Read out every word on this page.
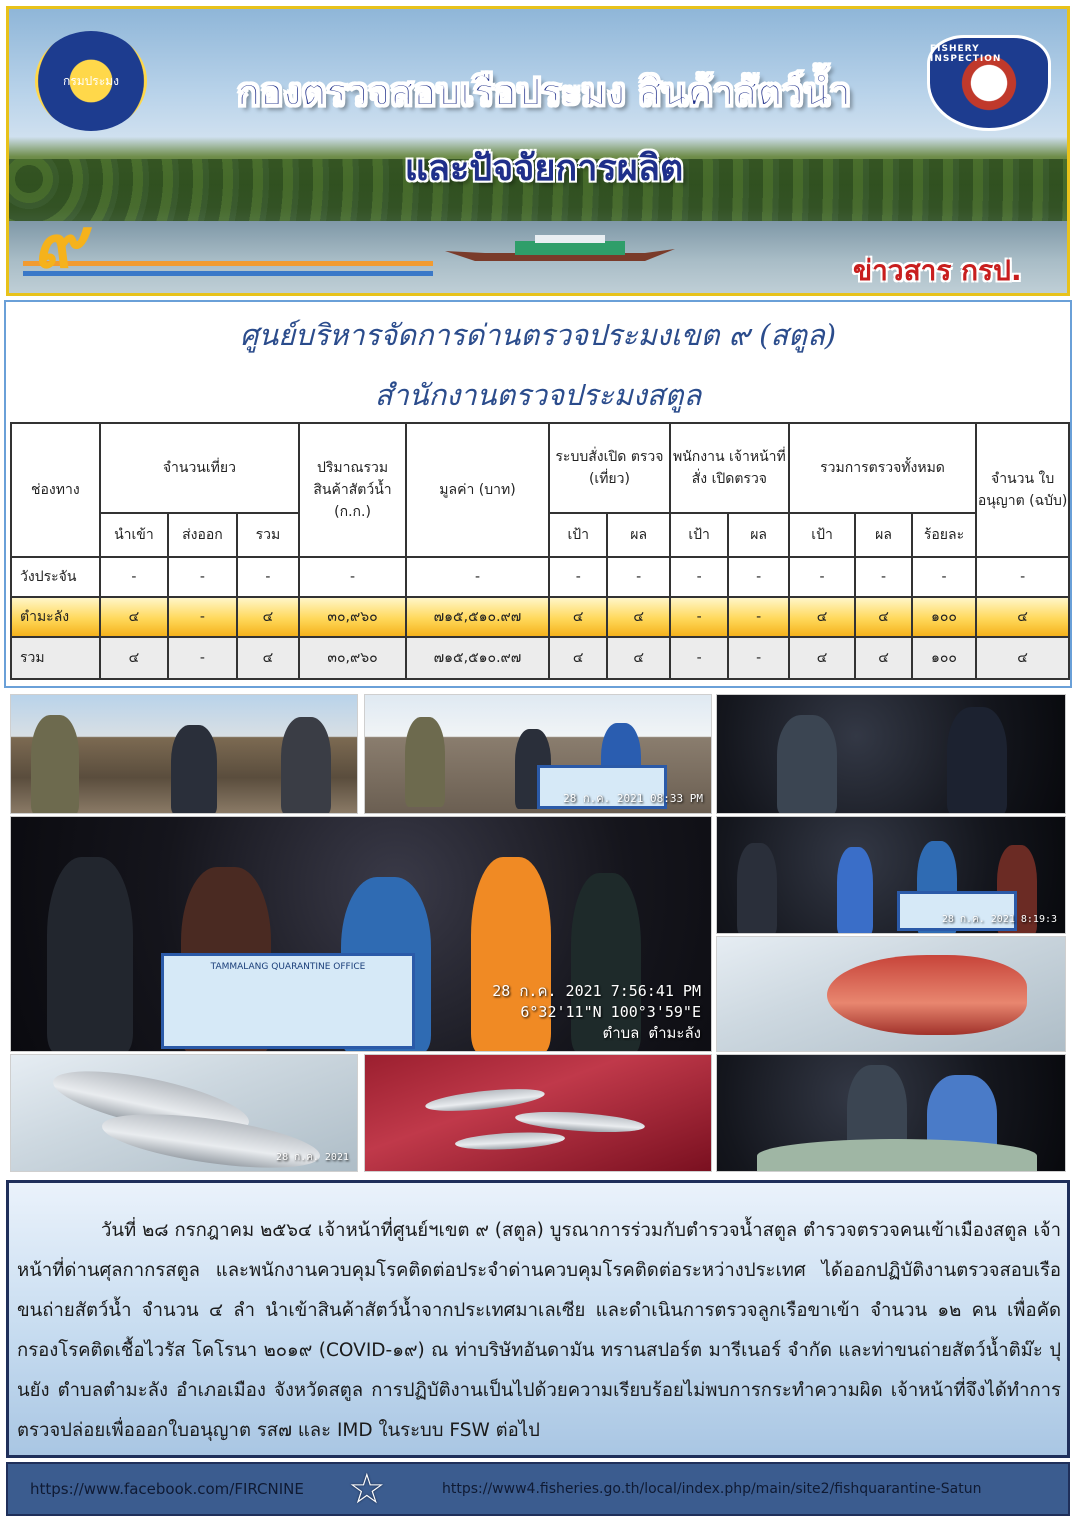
กรมประมง
FISHERY INSPECTION
กองตรวจสอบเรือประมง สินค้าสัตว์น้ำ
และปัจจัยการผลิต
๙	ข่าวสาร กรป.
ศูนย์บริหารจัดการด่านตรวจประมงเขต ๙ (สตูล)
สำนักงานตรวจประมงสตูล
ช่องทาง	จำนวนเที่ยว			ปริมาณรวม สินค้าสัตว์น้ำ (ก.ก.)	มูลค่า (บาท)	ระบบสั่งเปิด ตรวจ (เที่ยว)		พนักงาน เจ้าหน้าที่สั่ง เปิดตรวจ		รวมการตรวจทั้งหมด			จำนวน ใบอนุญาต (ฉบับ)
	นำเข้า	ส่งออก	รวม			เป้า	ผล	เป้า	ผล	เป้า	ผล	ร้อยละ	
วังประจัน	-	-	-	-	-	-	-	-	-	-	-	-	-
ตำมะลัง	๔	-	๔	๓๐,๙๖๐	๗๑๕,๕๑๐.๙๗	๔	๔	-	-	๔	๔	๑๐๐	๔
รวม	๔	-	๔	๓๐,๙๖๐	๗๑๕,๕๑๐.๙๗	๔	๔	-	-	๔	๔	๑๐๐	๔
28 ก.ค. 2021 08:33 PM
TAMMALANG QUARANTINE OFFICE
28 ก.ค. 2021 7:56:41 PM
6°32'11"N 100°3'59"E
ตำบล ตำมะลัง
28 ก.ค. 2021 8:19:3
28 ก.ค. 2021

วันที่ ๒๘ กรกฎาคม ๒๕๖๔ เจ้าหน้าที่ศูนย์ฯเขต ๙ (สตูล) บูรณาการร่วมกับตำรวจน้ำสตูล ตำรวจตรวจคนเข้าเมืองสตูล เจ้าหน้าที่ด่านศุลกากรสตูล และพนักงานควบคุมโรคติดต่อประจำด่านควบคุมโรคติดต่อระหว่างประเทศ ได้ออกปฏิบัติงานตรวจสอบเรือขนถ่ายสัตว์น้ำ จำนวน ๔ ลำ นำเข้าสินค้าสัตว์น้ำจากประเทศมาเลเซีย และดำเนินการตรวจลูกเรือขาเข้า จำนวน ๑๒ คน เพื่อคัดกรองโรคติดเชื้อไวรัส โคโรนา ๒๐๑๙ (COVID-๑๙) ณ ท่าบริษัทอันดามัน ทรานสปอร์ต มารีเนอร์ จำกัด และท่าขนถ่ายสัตว์น้ำติม๊ะ ปุนยัง ตำบลตำมะลัง อำเภอเมือง จังหวัดสตูล การปฏิบัติงานเป็นไปด้วยความเรียบร้อยไม่พบการกระทำความผิด เจ้าหน้าที่จึงได้ทำการตรวจปล่อยเพื่อออกใบอนุญาต รส๗ และ IMD ในระบบ FSW ต่อไป

https://www.facebook.com/FIRCNINE ☆	https://www4.fisheries.go.th/local/index.php/main/site2/fishquarantine-Satun
